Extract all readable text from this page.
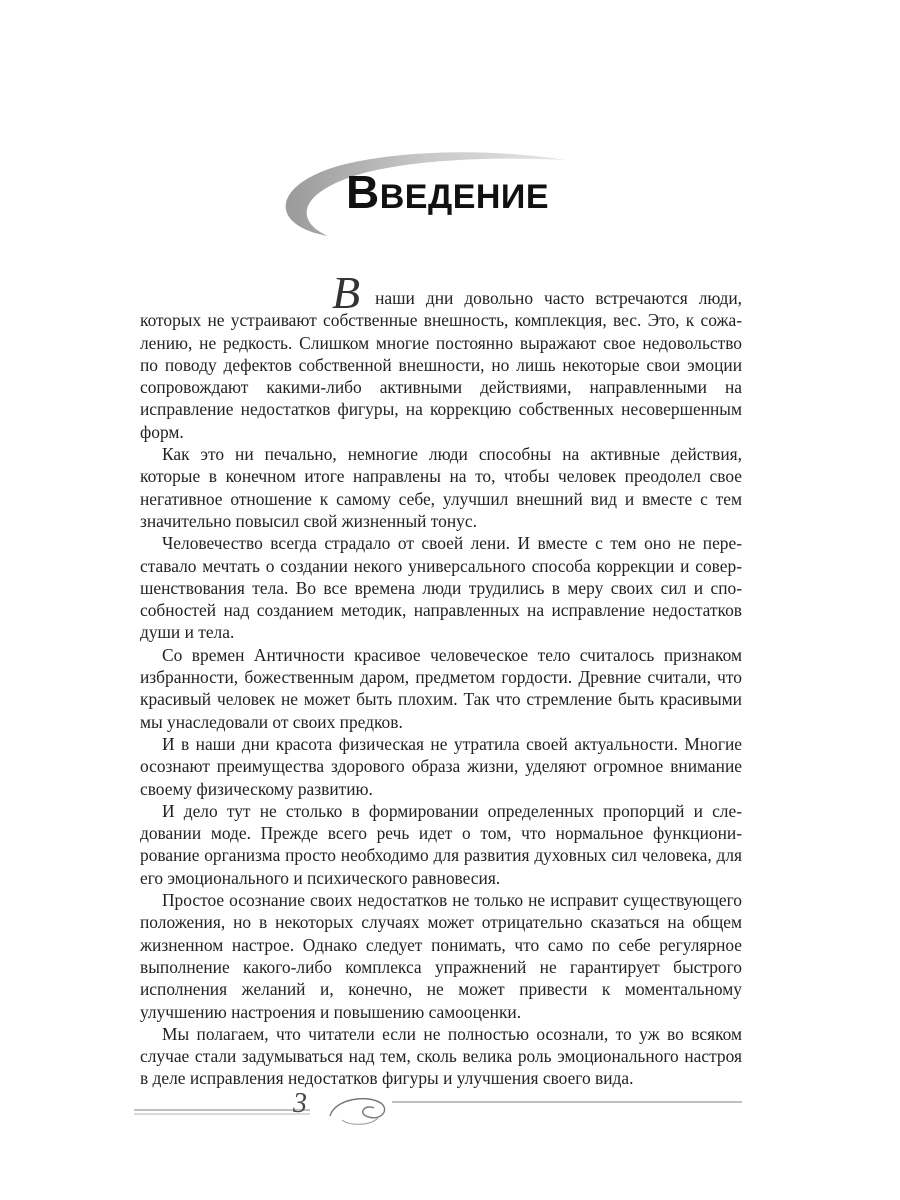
ВВЕДЕНИЕ

В наши дни довольно часто встречаются люди, которых не устраивают собственные внешность, комплекция, вес. Это, к сожалению, не редкость. Слишком многие постоянно выражают свое недовольство по поводу дефектов собственной внешности, но лишь некоторые свои эмоции сопровождают какими-либо активными действиями, направленными на исправление недостатков фигуры, на коррекцию собственных несовершенным форм.

Как это ни печально, немногие люди способны на активные действия, которые в конечном итоге направлены на то, чтобы человек преодолел свое негативное отношение к самому себе, улучшил внешний вид и вместе с тем значительно повысил свой жизненный тонус.

Человечество всегда страдало от своей лени. И вместе с тем оно не переставало мечтать о создании некого универсального способа коррекции и совершенствования тела. Во все времена люди трудились в меру своих сил и способностей над созданием методик, направленных на исправление недостатков души и тела.

Со времен Античности красивое человеческое тело считалось признаком избранности, божественным даром, предметом гордости. Древние считали, что красивый человек не может быть плохим. Так что стремление быть красивыми мы унаследовали от своих предков.

И в наши дни красота физическая не утратила своей актуальности. Многие осознают преимущества здорового образа жизни, уделяют огромное внимание своему физическому развитию.

И дело тут не столько в формировании определенных пропорций и следовании моде. Прежде всего речь идет о том, что нормальное функционирование организма просто необходимо для развития духовных сил человека, для его эмоционального и психического равновесия.

Простое осознание своих недостатков не только не исправит существующего положения, но в некоторых случаях может отрицательно сказаться на общем жизненном настрое. Однако следует понимать, что само по себе регулярное выполнение какого-либо комплекса упражнений не гарантирует быстрого исполнения желаний и, конечно, не может привести к моментальному улучшению настроения и повышению самооценки.

Мы полагаем, что читатели если не полностью осознали, то уж во всяком случае стали задумываться над тем, сколь велика роль эмоционального настроя в деле исправления недостатков фигуры и улучшения своего вида.

3
